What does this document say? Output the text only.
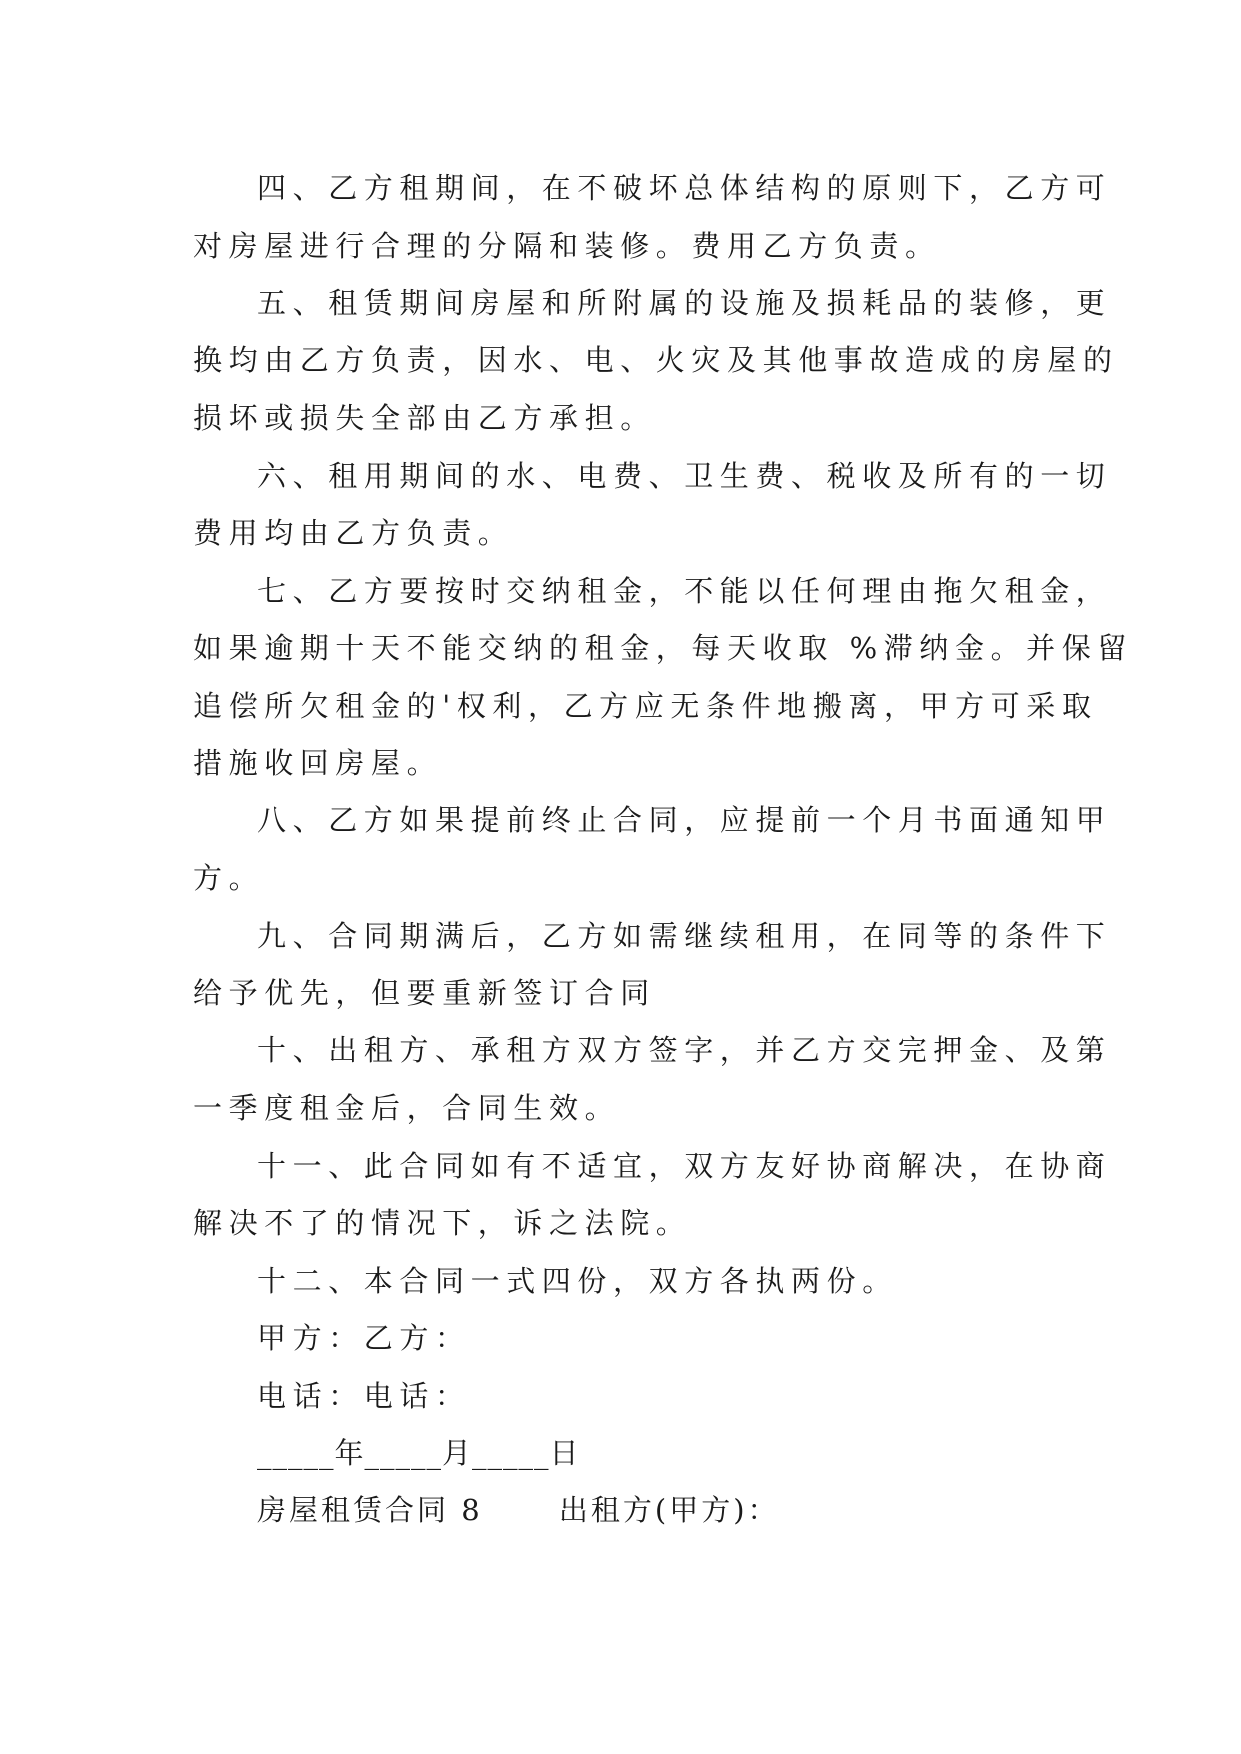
四、乙方租期间，在不破坏总体结构的原则下，乙方可
对房屋进行合理的分隔和装修。费用乙方负责。
五、租赁期间房屋和所附属的设施及损耗品的装修，更
换均由乙方负责，因水、电、火灾及其他事故造成的房屋的
损坏或损失全部由乙方承担。
六、租用期间的水、电费、卫生费、税收及所有的一切
费用均由乙方负责。
七、乙方要按时交纳租金，不能以任何理由拖欠租金，
如果逾期十天不能交纳的租金，每天收取 %滞纳金。并保留
追偿所欠租金的'权利，乙方应无条件地搬离，甲方可采取
措施收回房屋。
八、乙方如果提前终止合同，应提前一个月书面通知甲
方。
九、合同期满后，乙方如需继续租用，在同等的条件下
给予优先，但要重新签订合同
十、出租方、承租方双方签字，并乙方交完押金、及第
一季度租金后，合同生效。
十一、此合同如有不适宜，双方友好协商解决，在协商
解决不了的情况下，诉之法院。
十二、本合同一式四份，双方各执两份。
甲方：乙方：
电话：电话：
_____年_____月_____日
房屋租赁合同 8　　 出租方(甲方)：
